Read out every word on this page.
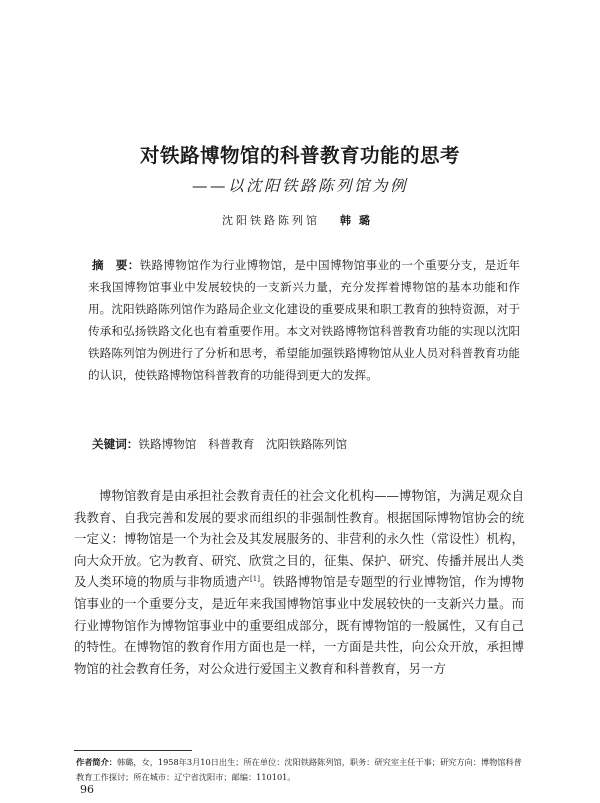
对铁路博物馆的科普教育功能的思考
——以沈阳铁路陈列馆为例
沈阳铁路陈列馆 韩璐
摘　要：铁路博物馆作为行业博物馆，是中国博物馆事业的一个重要分支，是近年来我国博物馆事业中发展较快的一支新兴力量，充分发挥着博物馆的基本功能和作用。沈阳铁路陈列馆作为路局企业文化建设的重要成果和职工教育的独特资源，对于传承和弘扬铁路文化也有着重要作用。本文对铁路博物馆科普教育功能的实现以沈阳铁路陈列馆为例进行了分析和思考，希望能加强铁路博物馆从业人员对科普教育功能的认识，使铁路博物馆科普教育的功能得到更大的发挥。
关键词：铁路博物馆　科普教育　沈阳铁路陈列馆
博物馆教育是由承担社会教育责任的社会文化机构——博物馆，为满足观众自我教育、自我完善和发展的要求而组织的非强制性教育。根据国际博物馆协会的统一定义：博物馆是一个为社会及其发展服务的、非营利的永久性（常设性）机构，向大众开放。它为教育、研究、欣赏之目的，征集、保护、研究、传播并展出人类及人类环境的物质与非物质遗产[1]。铁路博物馆是专题型的行业博物馆，作为博物馆事业的一个重要分支，是近年来我国博物馆事业中发展较快的一支新兴力量。而行业博物馆作为博物馆事业中的重要组成部分，既有博物馆的一般属性，又有自己的特性。在博物馆的教育作用方面也是一样，一方面是共性，向公众开放，承担博物馆的社会教育任务，对公众进行爱国主义教育和科普教育，另一方
作者简介：韩璐，女，1958年3月10日出生；所在单位：沈阳铁路陈列馆，职务：研究室主任干事；研究方向：博物馆科普教育工作探讨；所在城市：辽宁省沈阳市；邮编：110101。
96
